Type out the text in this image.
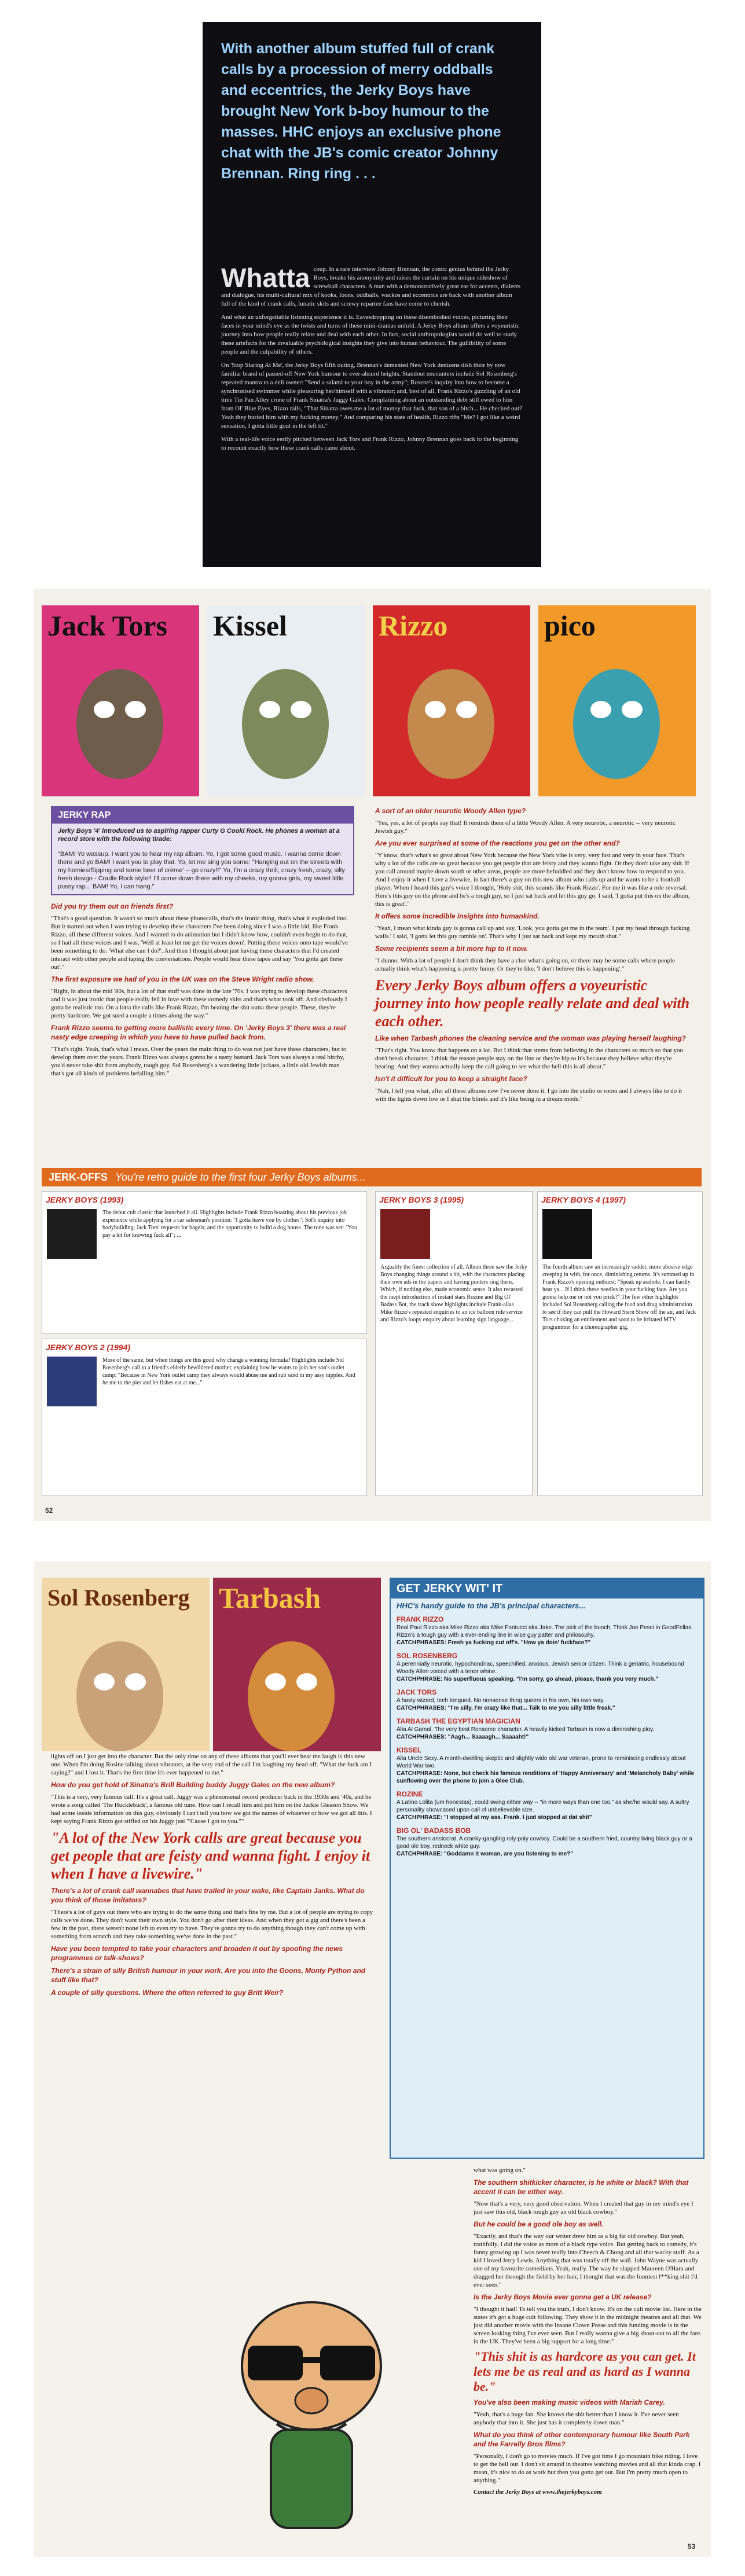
With another album stuffed full of crank calls by a procession of merry oddballs and eccentrics, the Jerky Boys have brought New York b-boy humour to the masses. HHC enjoys an exclusive phone chat with the JB's comic creator Johnny Brennan. Ring ring . . .
Whatta coup. In a rare interview Johnny Brennan, the comic genius behind the Jerky Boys, breaks his anonymity and raises the curtain on his unique sideshow of screwball characters. A man with a demonstratively great ear for accents, dialects and dialogue, his multi-cultural mix of kooks, loons, oddballs, wackos and eccentrics are back with another album full of the kind of crank calls, lunatic skits and screwy repartee fans have come to cherish.

And what an unforgettable listening experience it is. Eavesdropping on these disembodied voices, picturing their faces in your mind's eye as the twists and turns of these mini-dramas unfold. A Jerky Boys album offers a voyeuristic journey into how people really relate and deal with each other. In fact, social anthropologists would do well to study these artefacts for the invaluable psychological insights they give into human behaviour. The gullibility of some people and the culpability of others.

On 'Stop Staring At Me', the Jerky Boys fifth outing, Brennan's demented New York denizens dish their by now familiar brand of passed-off New York humour to ever-absurd heights. Standout encounters include Sol Rosenberg's repeated mantra to a deli owner: "Send a salami to your boy in the army"; Rosene's inquiry into how to become a synchronised swimmer while pleasuring her/himself with a vibrator; and, best of all, Frank Rizzo's guzzling of an old time Tin Pan Alley crone of Frank Sinatra's Juggy Gales. Complaining about an outstanding debt still owed to him from Ol' Blue Eyes, Rizzo rails, "That Sinatra owes me a lot of money that fuck, that son of a bitch... He checked out? Yeah they buried him with my fucking money." And comparing his state of health, Rizzo rifts "Me? I got like a weird sensation, I gotta little gout in the left tit."

With a real-life voice eerily pitched between Jack Tors and Frank Rizzo, Johnny Brennan goes back to the beginning to recount exactly how these crank calls came about.

Jack Tors Kissel	Rizzo	pico
JERKY RAP
Jerky Boys '4' introduced us to aspiring rapper Curty G Cooki Rock. He phones a woman at a record store with the following tirade:
"BAM! Yo wassup. I want you to hear my rap album. Yo, I got some good music. I wanna come down there and yo BAM! I want you to play that. Yo, let me sing you some: "Hanging out on the streets with my homies/Sipping and some beer of crème' -- go crazy!!" Yo, I'm a crazy thrill, crazy fresh, crazy, silly fresh design - Cradle Rock style!! I'll come down there with my cheeks, my gonna girls, my sweet little pussy rap... BAM! Yo, I can hang."

Did you try them out on friends first?

"That's a good question. It wasn't so much about these phonecalls, that's the ironic thing, that's what it exploded into. But it started out when I was trying to develop these characters I've been doing since I was a little kid, like Frank Rizzo, all these different voices. And I wanted to do animation but I didn't know how, couldn't even begin to do that, so I had all these voices and I was, 'Well at least let me get the voices down'. Putting these voices onto tape would've been something to do. 'What else can I do?'. And then I thought about just having these characters that I'd created interact with other people and taping the conversations. People would hear these tapes and say 'You gotta get these out'."

The first exposure we had of you in the UK was on the Steve Wright radio show.

"Right, in about the mid '80s, but a lot of that stuff was done in the late '70s. I was trying to develop these characters and it was just ironic that people really fell in love with these comedy skits and that's what took off. And obviously I gotta be realistic too. On a lotta the calls like Frank Rizzo, I'm beating the shit outta these people. These, they're pretty hardcore. We got sued a couple a times along the way."

Frank Rizzo seems to getting more ballistic every time. On 'Jerky Boys 3' there was a real nasty edge creeping in which you have to have pulled back from.

"That's right. Yeah, that's what I mean. Over the years the main thing to do was not just have these characters, but to develop them over the years. Frank Rizzo was always gonna be a nasty bastard. Jack Tors was always a real bitchy, you'd never take shit from anybody, tough guy. Sol Rosenberg's a wandering little jackass, a little old Jewish man that's got all kinds of problems befalling him."

A sort of an older neurotic Woody Allen type?

"Yes, yes, a lot of people say that! It reminds them of a little Woody Allen. A very neurotic, a neurotic -- very neurotic Jewish guy."

Are you ever surprised at some of the reactions you get on the other end?

"Y'know, that's what's so great about New York because the New York vibe is very, very fast and very in your face. That's why a lot of the calls are so great because you get people that are feisty and they wanna fight. Or they don't take any shit. If you call around maybe down south or other areas, people are more befuddled and they don't know how to respond to you. And I enjoy it when I have a livewire, in fact there's a guy on this new album who calls up and he wants to be a football player. When I heard this guy's voice I thought, 'Holy shit, this sounds like Frank Rizzo'. For me it was like a role reversal. Here's this guy on the phone and he's a tough guy, so I just sat back and let this guy go. I said, 'I gotta put this on the album, this is great'."

It offers some incredible insights into humankind.

"Yeah, I mean what kinda guy is gonna call up and say, 'Look, you gotta get me in the team'. I put my head through fucking walls.' I said, 'I gotta let this guy ramble on'. That's why I just sat back and kept my mouth shut."

Some recipients seem a bit more hip to it now.

"I dunno. With a lot of people I don't think they have a clue what's going on, or there may be some calls where people actually think what's happening is pretty funny. Or they're like, 'I don't believe this is happening'."

Every Jerky Boys album offers a voyeuristic journey into how people really relate and deal with each other.

Like when Tarbash phones the cleaning service and the woman was playing herself laughing?

"That's right. You know that happens on a lot. But I think that stems from believing in the characters so much so that you don't break character. I think the reason people stay on the line or they're hip to it's because they believe what they're hearing. And they wanna actually keep the call going to see what the hell this is all about."

Isn't it difficult for you to keep a straight face?

"Nah, I tell you what, after all these albums now I've never done it. I go into the studio or room and I always like to do it with the lights down low or I shut the blinds and it's like being in a dream mode."

JERK-OFFS You're retro guide to the first four Jerky Boys albums...
JERKY BOYS (1993)
The debut cult classic that launched it all. Highlights include Frank Rizzo boasting about his previous job experience while applying for a car salesman's position: "I gotta leave you by clothes"; Sol's inquiry into bodybuilding; Jack Tors' requests for bagels; and the opportunity to build a dog house. The tone was set: "You pay a lot for knowing fuck all"; ...
JERKY BOYS 2 (1994)
More of the same, but when things are this good why change a winning formula? Highlights include Sol Rosenberg's call to a friend's elderly bewildered mother, explaining how he wants to join her son's outlet camp: "Because in New York outlet camp they always would abuse me and rub sand in my assy nipples. And he me to the pier and let fishes eat at me..."
JERKY BOYS 3 (1995)
Arguably the finest collection of all. Album three saw the Jerky Boys changing things around a bit, with the characters placing their own ads in the papers and having punters ring them. Which, if nothing else, made economic sense. It also recasted the inept introduction of instant stars Rozine and Big Ol' Badass Bot, the track show highlights include Frank-alias Mike Rizzo's repeated enquiries to an ice balloon ride service and Rizzo's loopy enquiry about learning sign language...
JERKY BOYS 4 (1997)
The fourth album saw an increasingly sadder, more abusive edge creeping in with, for once, diminishing returns. It's summed up in Frank Rizzo's opening outburst: "Speak up asshole, I can hardly hear ya... If I think these needles in your fucking face. Are you gonna help me or not you prick?" The few other highlights included Sol Rosenberg calling the food and drug administration to see if they can pull the Howard Stern Show off the air, and Jack Tors choking an entitlement and soon to be irritated MTV programmer for a choreographer gig.
52
Sol Rosenberg Tarbash	GET JERKY WIT' IT
HHC's handy guide to the JB's principal characters...
FRANK RIZZO
Real Paul Rizzo aka Mike Rizzo aka Mike Fontucci aka Jake. The pick of the bunch. Think Joe Pesci in GoodFellas. Rizzo's a tough guy with a ever-ending line in wise guy patter and philosophy.
CATCHPHRASES: Fresh ya fucking cut off's. "How ya doin' fuckface?"
SOL ROSENBERG
A perennially neurotic, hypochondriac, speechified, anxious, Jewish senior citizen. Think a geriatric, housebound Woody Allen voiced with a tenor whine.
CATCHPHRASE: No superfluous speaking. "I'm sorry, go ahead, please, thank you very much."
JACK TORS
A hasty wizard, tech tongued. No nonsense thing queers in his own, his own way.
CATCHPHRASES: "I'm silly, I'm crazy like that... Talk to me you silly little freak."
TARBASH THE EGYPTIAN MAGICIAN
Alia Al Gamal. The very best Ronsome character. A heavily kicked Tarbash is now a diminishing ploy.
CATCHPHRASES: "Aagh... Saaaagh... Saaaaht!"
KISSEL
Alia Uncle Sexy. A month-dwelling skeptic and slightly wide old war veteran, prone to reminiscing endlessly about World War two.
CATCHPHRASE: None, but check his famous renditions of 'Happy Anniversary' and 'Melancholy Baby' while sunflowing over the phone to join a Glee Club.
ROZINE
A Latino Lolita (um honestas), could swing either way -- "in more ways than one too," as she/he would say. A sultry personality showcased upon call of unbelievable size.
CATCHPHRASE: "I stopped at my ass. Frank. I just stopped at dat shit"
BIG OL' BADASS BOB
The southern aristocrat. A cranky-gangling roly-poly cowboy. Could be a southern fried, country living black guy or a good ole boy, redneck white guy.
CATCHPHRASE: "Goddamn it woman, are you listening to me?"

lights off on I just get into the character. But the only time on any of these albums that you'll ever hear me laugh is this new one. When I'm doing Rosine talking about vibrators, at the very end of the call I'm laughing my head off. "What the fuck am I saying?" and I lost it. That's the first time it's ever happened to me."

How do you get hold of Sinatra's Brill Building buddy Juggy Gales on the new album?

"This is a very, very famous call. It's a great call. Juggy was a phenomenal record producer back in the 1930s and '40s, and he wrote a song called 'The Hucklebuck', a famous old tune. How can I recall him and put him on the Jackie Gleason Show. We had some inside information on this guy, obviously I can't tell you how we got the names of whatever or how we got all this. I kept saying Frank Rizzo got stiffed on his Juggy just "'Cause I got to you.""

"A lot of the New York calls are great because you get people that are feisty and wanna fight. I enjoy it when I have a livewire."

There's a lot of crank call wannabes that have trailed in your wake, like Captain Janks. What do you think of those imitators?

"There's a lot of guys out there who are trying to do the same thing and that's fine by me. But a lot of people are trying to copy calls we've done. They don't want their own style. You don't go after their ideas. And when they got a gig and there's been a few in the past, there weren't none left to even try to have. They're gonna try to do anything though they can't come up with something from scratch and they take something we've done in the past."

Have you been tempted to take your characters and broaden it out by spoofing the news programmes or talk-shows?

There's a strain of silly British humour in your work. Are you into the Goons, Monty Python and stuff like that?

A couple of silly questions. Where the often referred to guy Britt Weir?

what was going on."

The southern shitkicker character, is he white or black? With that accent it can be either way.

"Now that's a very, very good observation. When I created that guy in my mind's eye I just saw this old, black tough guy an old black cowboy."

But he could be a good ole boy as well.

"Exactly, and that's the way our writer drew him as a big fat old cowboy. But yeah, truthfully, I did the voice as more of a black type voice. But getting back to comedy, it's funny growing up I was never really into Cheech & Chong and all that wacky stuff. As a kid I loved Jerry Lewis. Anything that was totally off the wall. John Wayne was actually one of my favourite comedians. Yeah, really. The way he slapped Maureen O'Hara and dragged her through the field by her hair, I thought that was the funniest f**king shit I'd ever seen."

Is the Jerky Boys Movie ever gonna get a UK release?

"I thought it had! To tell you the truth, I don't know. It's on the cult movie list. Here in the states it's got a huge cult following. They show it in the midnight theatres and all that. We just did another movie with the Insane Clown Posse and this funding movie is in the screen looking thing I've ever seen. But I really wanna give a big shout-out to all the fans in the UK. They've been a big support for a long time."

"This shit is as hardcore as you can get. It lets me be as real and as hard as I wanna be."

You've also been making music videos with Mariah Carey.

"Yeah, that's a huge fan. She knows the shit better than I know it. I've never seen anybody that into it. She just has it completely down man."

What do you think of other contemporary humour like South Park and the Farrelly Bros films?

"Personally, I don't go to movies much. If I've got time I go mountain bike riding. I love to get the hell out. I don't sit around in theatres watching movies and all that kinda crap. I mean, it's nice to do as work but then you gotta get out. But I'm pretty much open to anything."

Contact the Jerky Boys at www.thejerkyboys.com

53
